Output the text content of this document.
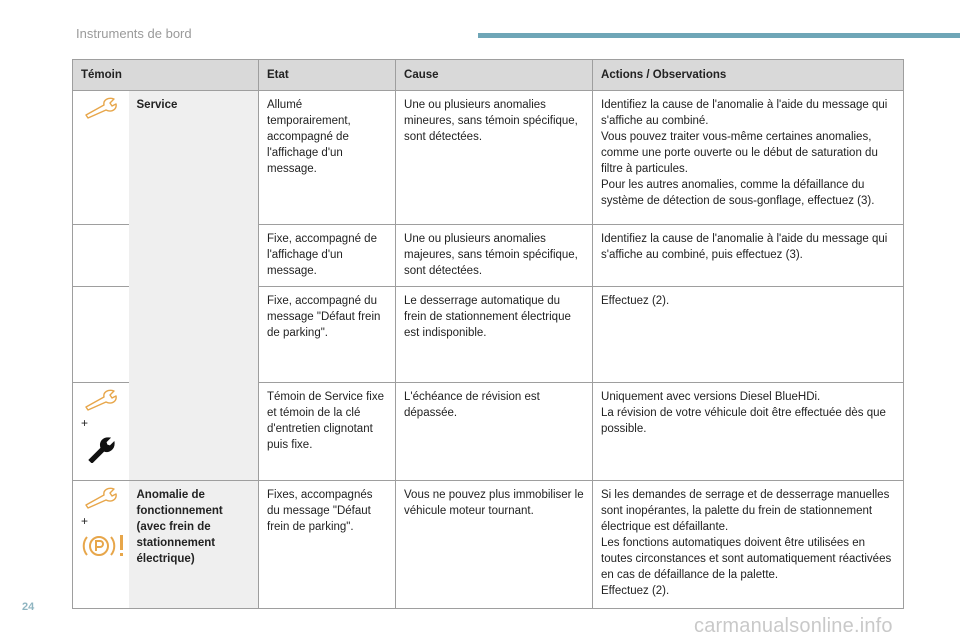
Instruments de bord
Témoin		Etat	Cause	Actions / Observations

	Service	Allumé temporairement, accompagné de l'affichage d'un message.	Une ou plusieurs anomalies mineures, sans témoin spécifique, sont détectées.	Identifiez la cause de l'anomalie à l'aide du message qui s'affiche au combiné.
Vous pouvez traiter vous-même certaines anomalies, comme une porte ouverte ou le début de saturation du filtre à particules.
Pour les autres anomalies, comme la défaillance du système de détection de sous-gonflage, effectuez (3).

		Fixe, accompagné de l'affichage d'un message.	Une ou plusieurs anomalies majeures, sans témoin spécifique, sont détectées.	Identifiez la cause de l'anomalie à l'aide du message qui s'affiche au combiné, puis effectuez (3).

		Fixe, accompagné du message "Défaut frein de parking".	Le desserrage automatique du frein de stationnement électrique est indisponible.	Effectuez (2).

+		Témoin de Service fixe et témoin de la clé d'entretien clignotant puis fixe.	L'échéance de révision est dépassée.	Uniquement avec versions Diesel BlueHDi.
La révision de votre véhicule doit être effectuée dès que possible.

+	Anomalie de fonctionnement (avec frein de stationnement électrique)	Fixes, accompagnés du message "Défaut frein de parking".	Vous ne pouvez plus immobiliser le véhicule moteur tournant.	Si les demandes de serrage et de desserrage manuelles sont inopérantes, la palette du frein de stationnement électrique est défaillante.
Les fonctions automatiques doivent être utilisées en toutes circonstances et sont automatiquement réactivées en cas de défaillance de la palette.
Effectuez (2).
24
carmanualsonline.info
